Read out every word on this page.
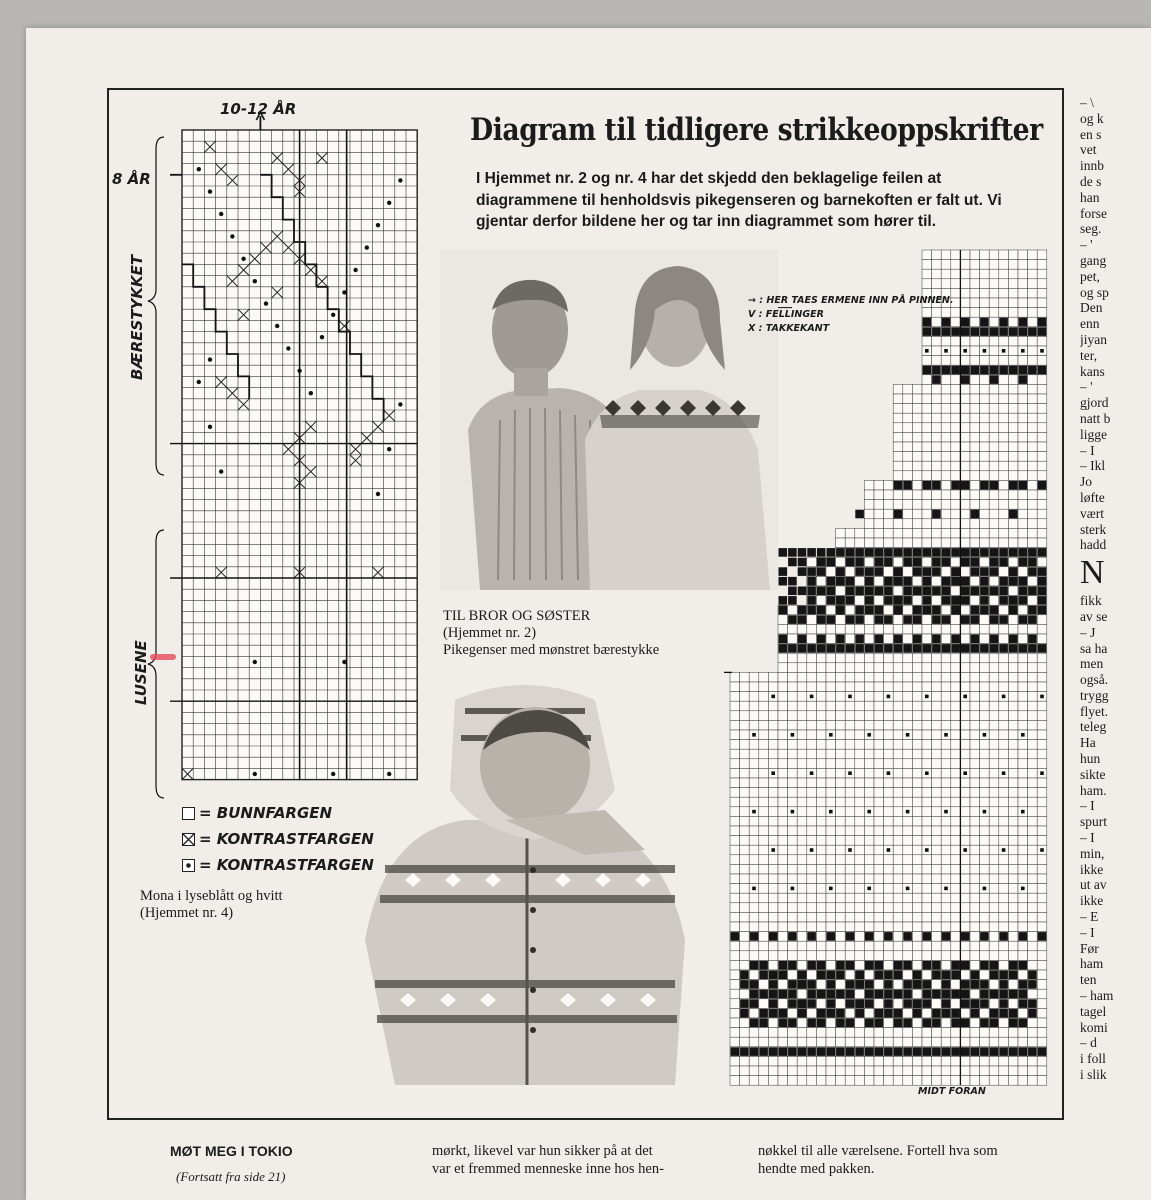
Diagram til tidligere strikkeoppskrifter
I Hjemmet nr. 2 og nr. 4 har det skjedd den beklagelige feilen at diagrammene til henholdsvis pikegenseren og barnekoften er falt ut. Vi gjentar derfor bildene her og tar inn diagrammet som hører til.
10-12 ÅR
8 ÅR
BÆRESTYKKET
LUSENE
= BUNNFARGEN
= KONTRASTFARGEN
= KONTRASTFARGEN
Mona i lyseblått og hvitt
(Hjemmet nr. 4)
TIL BROR OG SØSTER
(Hjemmet nr. 2)
Pikegenser med mønstret bærestykke
→ : HER TAES ERMENE INN PÅ PINNEN.
V : FELLINGER
X : TAKKEKANT
MIDT FORAN
MØT MEG I TOKIO
(Fortsatt fra side 21)
mørkt, likevel var hun sikker på at det
var et fremmed menneske inne hos hen-
nøkkel til alle værelsene. Fortell hva som
hendte med pakken.
– \
og k
en s
vet
innb
de s
han
forse
seg.
– '
gang
pet,
og sp
Den
enn
jiyan
ter,
kans
– '
gjord
natt b
ligge
– I
– Ikl
Jo
løfte
vært
sterk
hadd
N
fikk
av se
– J
sa ha
men
også.
trygg
flyet.
teleg
Ha
hun
sikte
ham.
– I
spurt
– I
min,
ikke
ut av
ikke
– E
– I
Før
ham
ten
– ham
tagel
komi
– d
i foll
i slik
